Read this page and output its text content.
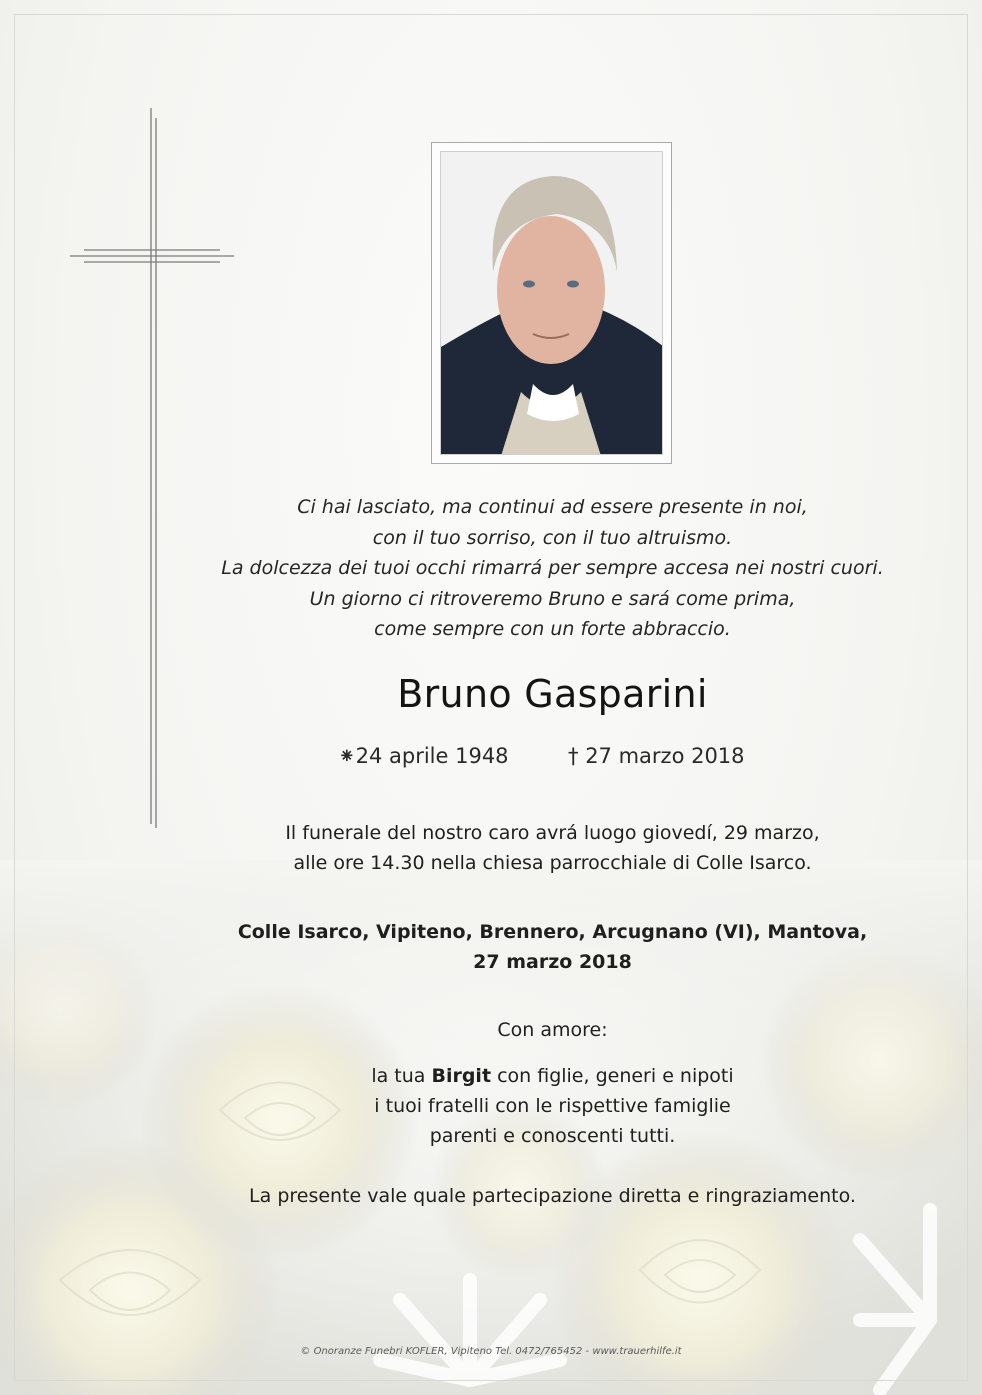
Ci hai lasciato, ma continui ad essere presente in noi,
con il tuo sorriso, con il tuo altruismo.
La dolcezza dei tuoi occhi rimarrá per sempre accesa nei nostri cuori.
Un giorno ci ritroveremo Bruno e sará come prima,
come sempre con un forte abbraccio.
Bruno Gasparini
⁕24 aprile 1948	† 27 marzo 2018
Il funerale del nostro caro avrá luogo giovedí, 29 marzo,
alle ore 14.30 nella chiesa parrocchiale di Colle Isarco.
Colle Isarco, Vipiteno, Brennero, Arcugnano (VI), Mantova,
27 marzo 2018
Con amore:
la tua Birgit con figlie, generi e nipoti
i tuoi fratelli con le rispettive famiglie
parenti e conoscenti tutti.
La presente vale quale partecipazione diretta e ringraziamento.
© Onoranze Funebri KOFLER, Vipiteno Tel. 0472/765452 - www.trauerhilfe.it
